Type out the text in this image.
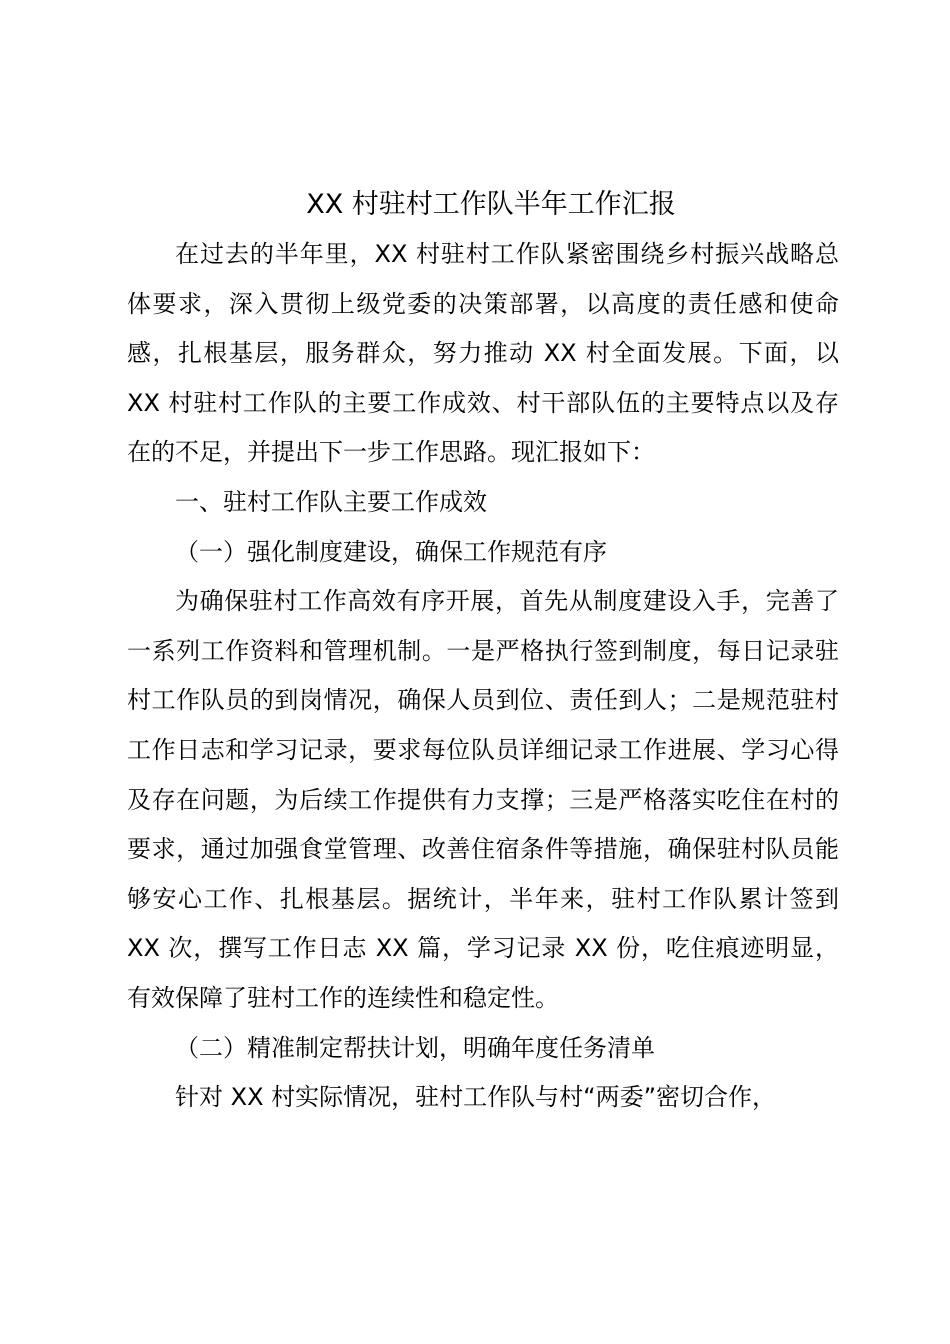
XX 村驻村工作队半年工作汇报

在过去的半年里，XX 村驻村工作队紧密围绕乡村振兴战略总体要求，深入贯彻上级党委的决策部署，以高度的责任感和使命感，扎根基层，服务群众，努力推动 XX 村全面发展。下面，以 XX 村驻村工作队的主要工作成效、村干部队伍的主要特点以及存在的不足，并提出下一步工作思路。现汇报如下：

一、驻村工作队主要工作成效

（一）强化制度建设，确保工作规范有序

为确保驻村工作高效有序开展，首先从制度建设入手，完善了一系列工作资料和管理机制。一是严格执行签到制度，每日记录驻村工作队员的到岗情况，确保人员到位、责任到人；二是规范驻村工作日志和学习记录，要求每位队员详细记录工作进展、学习心得及存在问题，为后续工作提供有力支撑；三是严格落实吃住在村的要求，通过加强食堂管理、改善住宿条件等措施，确保驻村队员能够安心工作、扎根基层。据统计，半年来，驻村工作队累计签到 XX 次，撰写工作日志 XX 篇，学习记录 XX 份，吃住痕迹明显，有效保障了驻村工作的连续性和稳定性。

（二）精准制定帮扶计划，明确年度任务清单

针对 XX 村实际情况，驻村工作队与村“两委”密切合作，
